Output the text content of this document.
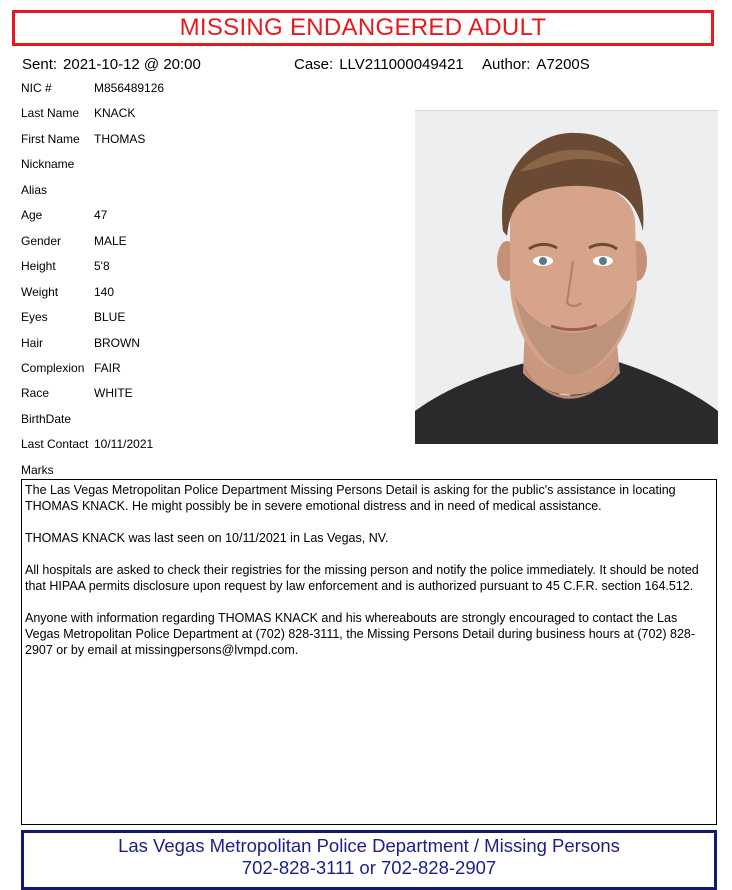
MISSING ENDANGERED ADULT
Sent: 2021-10-12 @ 20:00	Case: LLV211000049421 Author: A7200S
NIC #	M856489126
Last Name KNACK
First Name THOMAS
Nickname
Alias
Age	47
Gender	MALE
Height	5'8
Weight	140
Eyes	BLUE
Hair	BROWN
Complexion FAIR
Race	WHITE
BirthDate
Last Contact 10/11/2021
Marks

The Las Vegas Metropolitan Police Department Missing Persons Detail is asking for the public's assistance in locating THOMAS KNACK. He might possibly be in severe emotional distress and in need of medical assistance.

THOMAS KNACK was last seen on 10/11/2021 in Las Vegas, NV.

All hospitals are asked to check their registries for the missing person and notify the police immediately. It should be noted that HIPAA permits disclosure upon request by law enforcement and is authorized pursuant to 45 C.F.R. section 164.512.

Anyone with information regarding THOMAS KNACK and his whereabouts are strongly encouraged to contact the Las Vegas Metropolitan Police Department at (702) 828-3111, the Missing Persons Detail during business hours at (702) 828-2907 or by email at missingpersons@lvmpd.com.

Las Vegas Metropolitan Police Department / Missing Persons
702-828-3111 or 702-828-2907
